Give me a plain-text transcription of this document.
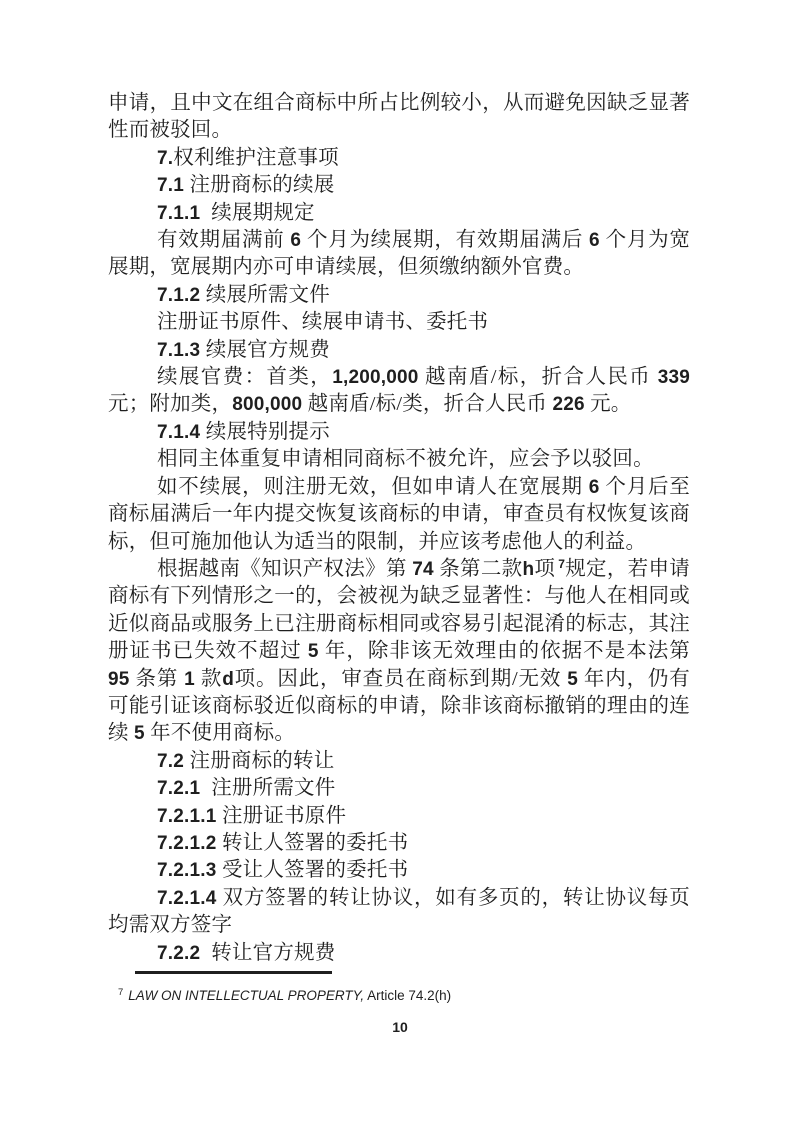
申请，且中文在组合商标中所占比例较小，从而避免因缺乏显著性而被驳回。

7.权利维护注意事项

7.1 注册商标的续展

7.1.1  续展期规定

有效期届满前 6 个月为续展期，有效期届满后 6 个月为宽展期，宽展期内亦可申请续展，但须缴纳额外官费。

7.1.2 续展所需文件

注册证书原件、续展申请书、委托书

7.1.3 续展官方规费

续展官费：首类，1,200,000 越南盾/标，折合人民币 339 元；附加类，800,000 越南盾/标/类，折合人民币 226 元。

7.1.4 续展特别提示

相同主体重复申请相同商标不被允许，应会予以驳回。

如不续展，则注册无效，但如申请人在宽展期 6 个月后至商标届满后一年内提交恢复该商标的申请，审查员有权恢复该商标，但可施加他认为适当的限制，并应该考虑他人的利益。

根据越南《知识产权法》第 74 条第二款h项 $^7$规定，若申请商标有下列情形之一的，会被视为缺乏显著性：与他人在相同或近似商品或服务上已注册商标相同或容易引起混淆的标志，其注册证书已失效不超过 5 年，除非该无效理由的依据不是本法第 95 条第 1 款d项。因此，审查员在商标到期/无效 5 年内，仍有可能引证该商标驳近似商标的申请，除非该商标撤销的理由的连续 5 年不使用商标。

7.2 注册商标的转让

7.2.1  注册所需文件

7.2.1.1 注册证书原件

7.2.1.2 转让人签署的委托书

7.2.1.3 受让人签署的委托书

7.2.1.4 双方签署的转让协议，如有多页的，转让协议每页均需双方签字

7.2.2  转让官方规费

$^7$ LAW ON INTELLECTUAL PROPERTY, Article 74.2(h)
10
